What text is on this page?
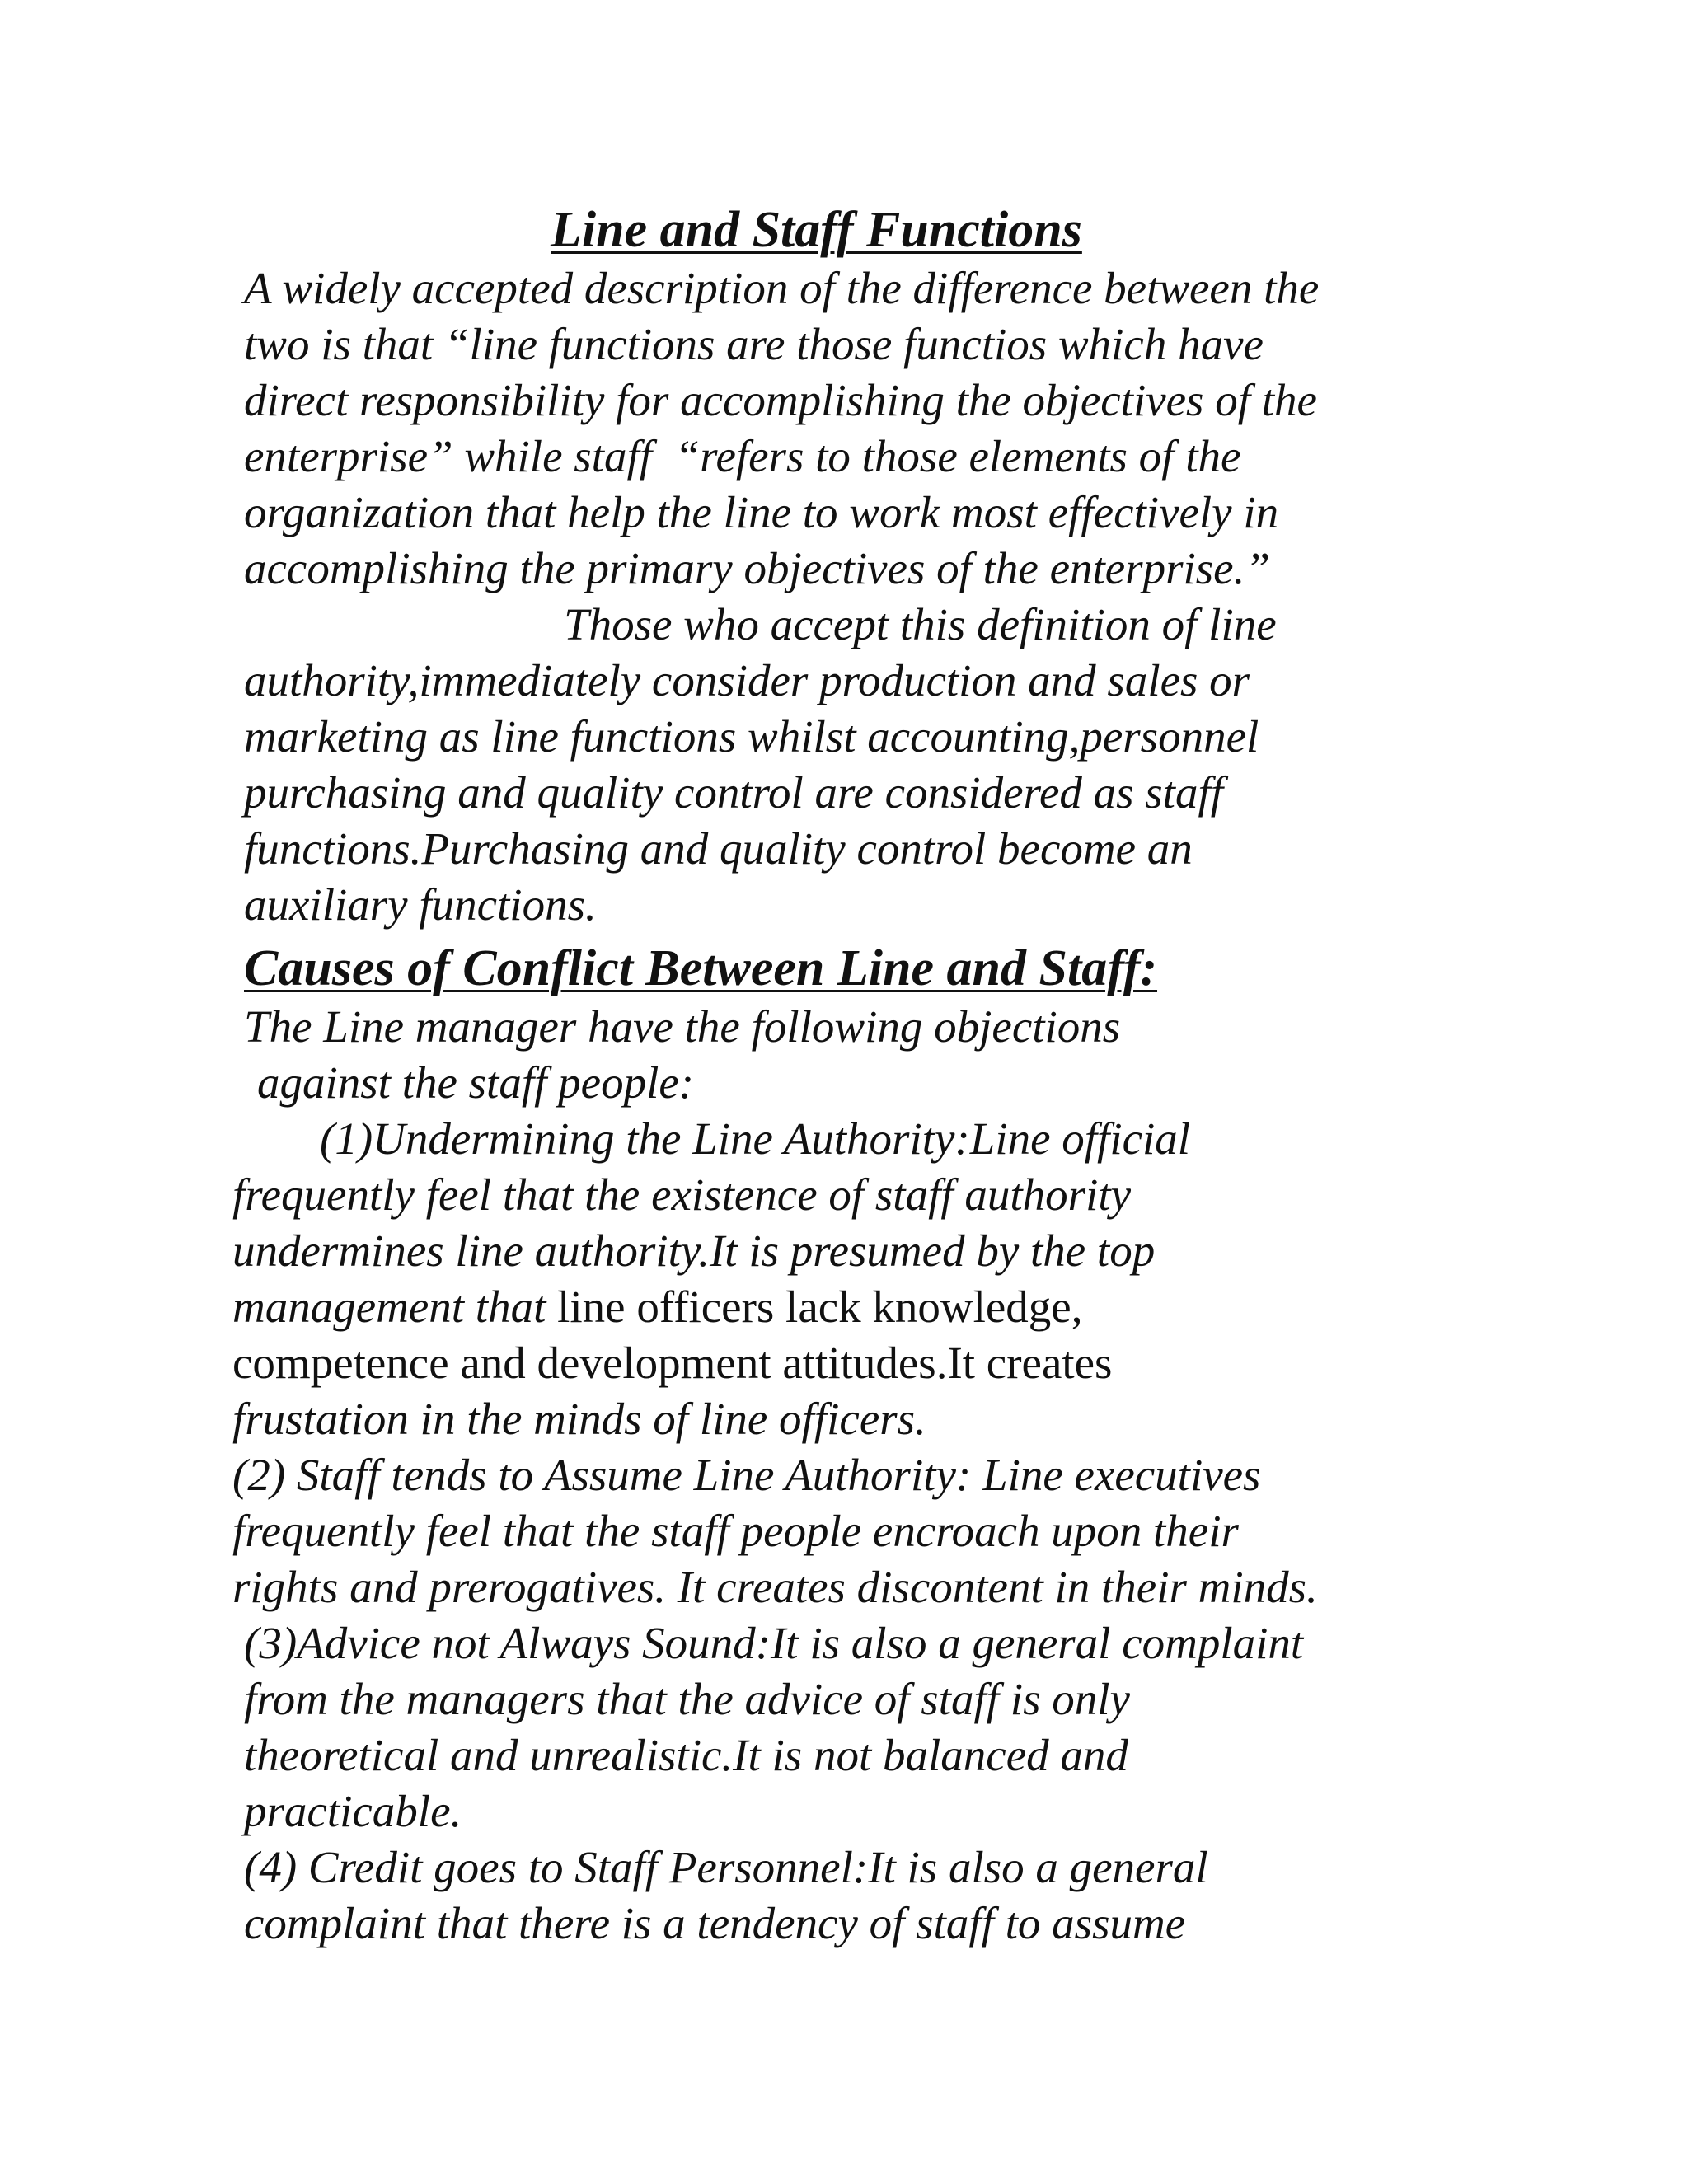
Line and Staff Functions
A widely accepted description of the difference between the
two is that “line functions are those functios which have
direct responsibility for accomplishing the objectives of the
enterprise” while staff  “refers to those elements of the
organization that help the line to work most effectively in
accomplishing the primary objectives of the enterprise.”
Those who accept this definition of line
authority,immediately consider production and sales or
marketing as line functions whilst accounting,personnel
purchasing and quality control are considered as staff
functions.Purchasing and quality control become an
auxiliary functions.
Causes of Conflict Between Line and Staff:
The Line manager have the following objections
against the staff people:
(1)Undermining the Line Authority:Line official
frequently feel that the existence of staff authority
undermines line authority.It is presumed by the top
management that line officers lack knowledge,
competence and development attitudes.It creates
frustation in the minds of line officers.
(2) Staff tends to Assume Line Authority: Line executives
frequently feel that the staff people encroach upon their
rights and prerogatives. It creates discontent in their minds.
(3)Advice not Always Sound:It is also a general complaint
from the managers that the advice of staff is only
theoretical and unrealistic.It is not balanced and
practicable.
(4) Credit goes to Staff Personnel:It is also a general
complaint that there is a tendency of staff to assume
